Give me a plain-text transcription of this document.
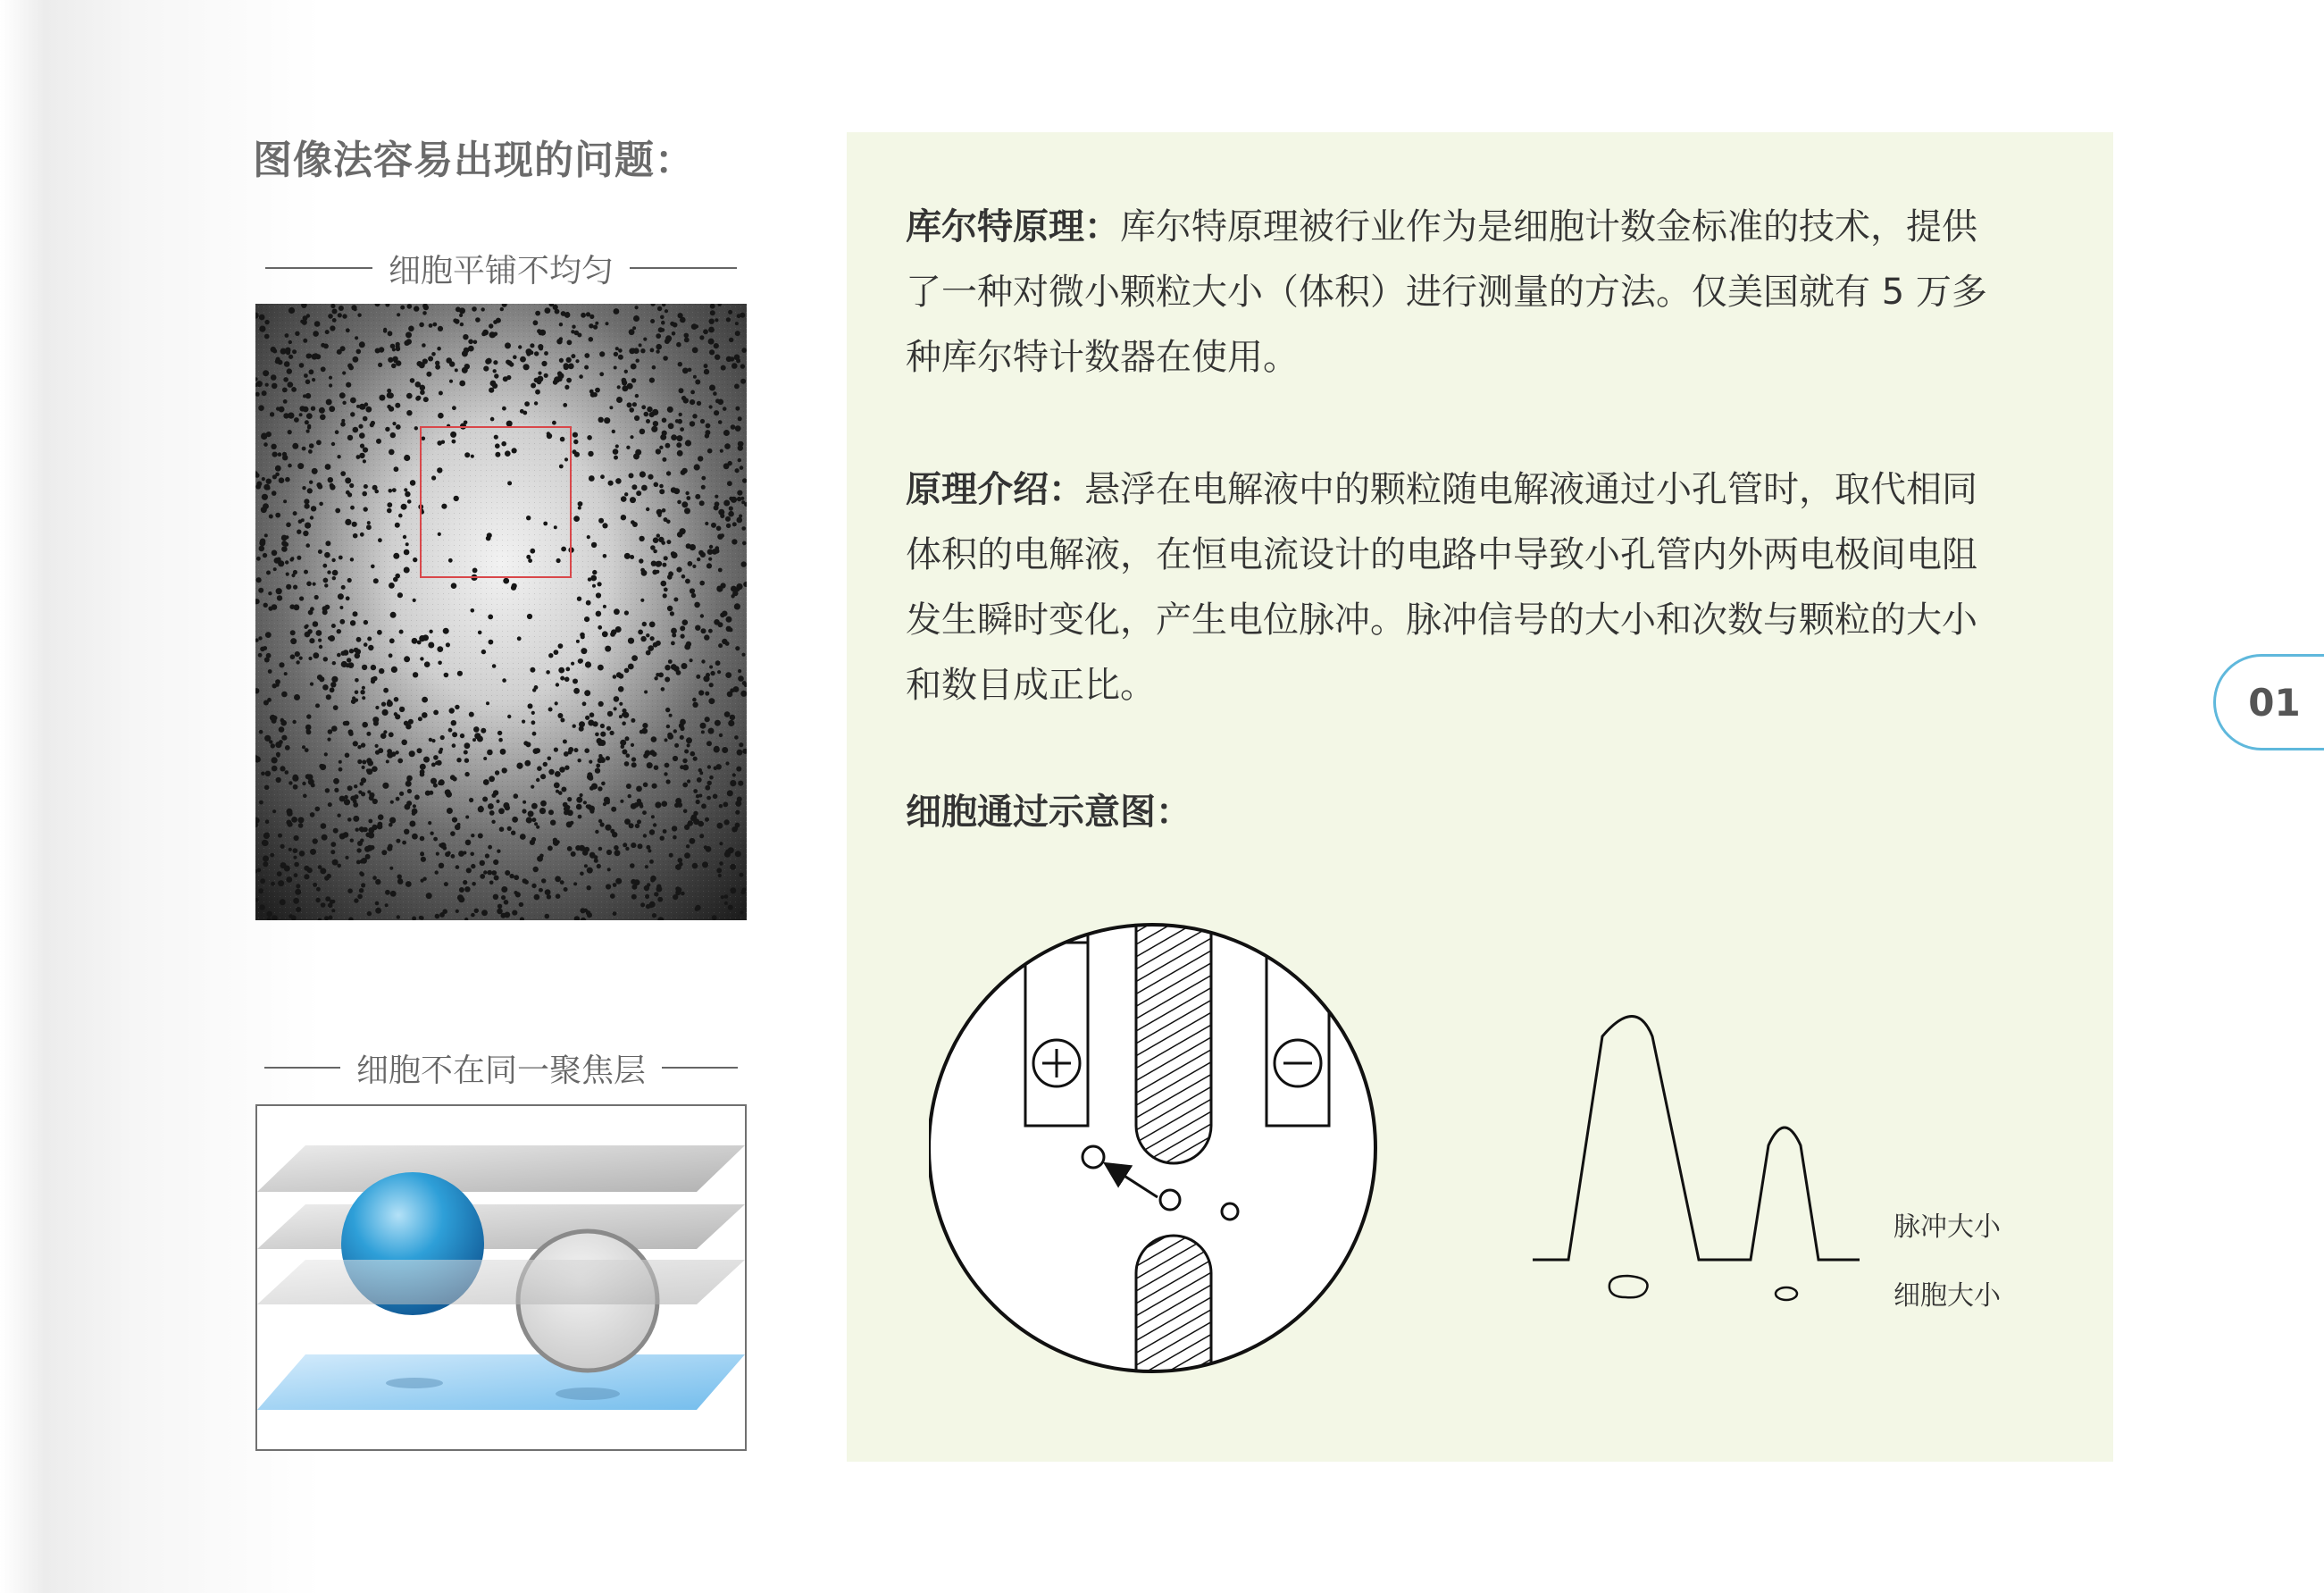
图像法容易出现的问题：
细胞平铺不均匀
细胞不在同一聚焦层
库尔特原理：库尔特原理被行业作为是细胞计数金标准的技术，提供
了一种对微小颗粒大小（体积）进行测量的方法。仅美国就有 5 万多
种库尔特计数器在使用。
原理介绍：悬浮在电解液中的颗粒随电解液通过小孔管时，取代相同
体积的电解液，在恒电流设计的电路中导致小孔管内外两电极间电阻
发生瞬时变化，产生电位脉冲。脉冲信号的大小和次数与颗粒的大小
和数目成正比。
细胞通过示意图：
脉冲大小
细胞大小
01
